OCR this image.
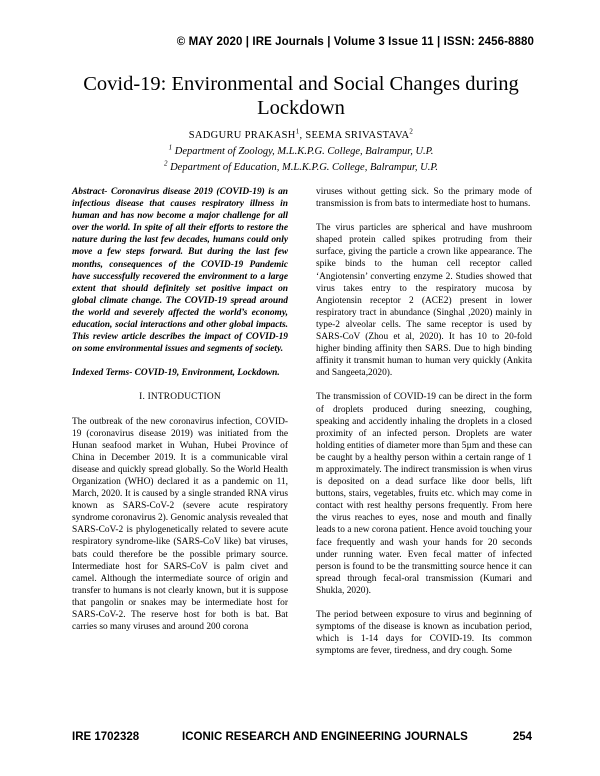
© MAY 2020 | IRE Journals | Volume 3 Issue 11 | ISSN: 2456-8880
Covid-19: Environmental and Social Changes during
Lockdown
SADGURU PRAKASH$^1$, SEEMA SRIVASTAVA$^2$
$^1$ Department of Zoology, M.L.K.P.G. College, Balrampur, U.P.
$^2$ Department of Education, M.L.K.P.G. College, Balrampur, U.P.

Abstract- Coronavirus disease 2019 (COVID-19) is an infectious disease that causes respiratory illness in human and has now become a major challenge for all over the world. In spite of all their efforts to restore the nature during the last few decades, humans could only move a few steps forward. But during the last few months, consequences of the COVID-19 Pandemic have successfully recovered the environment to a large extent that should definitely set positive impact on global climate change. The COVID-19 spread around the world and severely affected the world’s economy, education, social interactions and other global impacts. This review article describes the impact of COVID-19 on some environmental issues and segments of society.

Indexed Terms- COVID-19, Environment, Lockdown.

I. INTRODUCTION

The outbreak of the new coronavirus infection, COVID-19 (coronavirus disease 2019) was initiated from the Hunan seafood market in Wuhan, Hubei Province of China in December 2019. It is a communicable viral disease and quickly spread globally. So the World Health Organization (WHO) declared it as a pandemic on 11, March, 2020. It is caused by a single stranded RNA virus known as SARS-CoV-2 (severe acute respiratory syndrome coronavirus 2). Genomic analysis revealed that SARS-CoV-2 is phylogenetically related to severe acute respiratory syndrome-like (SARS-CoV like) bat viruses, bats could therefore be the possible primary source. Intermediate host for SARS-CoV is palm civet and camel. Although the intermediate source of origin and transfer to humans is not clearly known, but it is suppose that pangolin or snakes may be intermediate host for SARS-CoV-2. The reserve host for both is bat. Bat carries so many viruses and around 200 corona

viruses without getting sick. So the primary mode of transmission is from bats to intermediate host to humans.

The virus particles are spherical and have mushroom shaped protein called spikes protruding from their surface, giving the particle a crown like appearance. The spike binds to the human cell receptor called ‘Angiotensin’ converting enzyme 2. Studies showed that virus takes entry to the respiratory mucosa by Angiotensin receptor 2 (ACE2) present in lower respiratory tract in abundance (Singhal ,2020) mainly in type-2 alveolar cells. The same receptor is used by SARS-CoV (Zhou et al, 2020). It has 10 to 20-fold higher binding affinity then SARS. Due to high binding affinity it transmit human to human very quickly (Ankita and Sangeeta,2020).

The transmission of COVID-19 can be direct in the form of droplets produced during sneezing, coughing, speaking and accidently inhaling the droplets in a closed proximity of an infected person. Droplets are water holding entities of diameter more than 5µm and these can be caught by a healthy person within a certain range of 1 m approximately. The indirect transmission is when virus is deposited on a dead surface like door bells, lift buttons, stairs, vegetables, fruits etc. which may come in contact with rest healthy persons frequently. From here the virus reaches to eyes, nose and mouth and finally leads to a new corona patient. Hence avoid touching your face frequently and wash your hands for 20 seconds under running water. Even fecal matter of infected person is found to be the transmitting source hence it can spread through fecal-oral transmission (Kumari and Shukla, 2020).

The period between exposure to virus and beginning of symptoms of the disease is known as incubation period, which is 1-14 days for COVID-19. Its common symptoms are fever, tiredness, and dry cough. Some

IRE 1702328	ICONIC RESEARCH AND ENGINEERING JOURNALS	254
